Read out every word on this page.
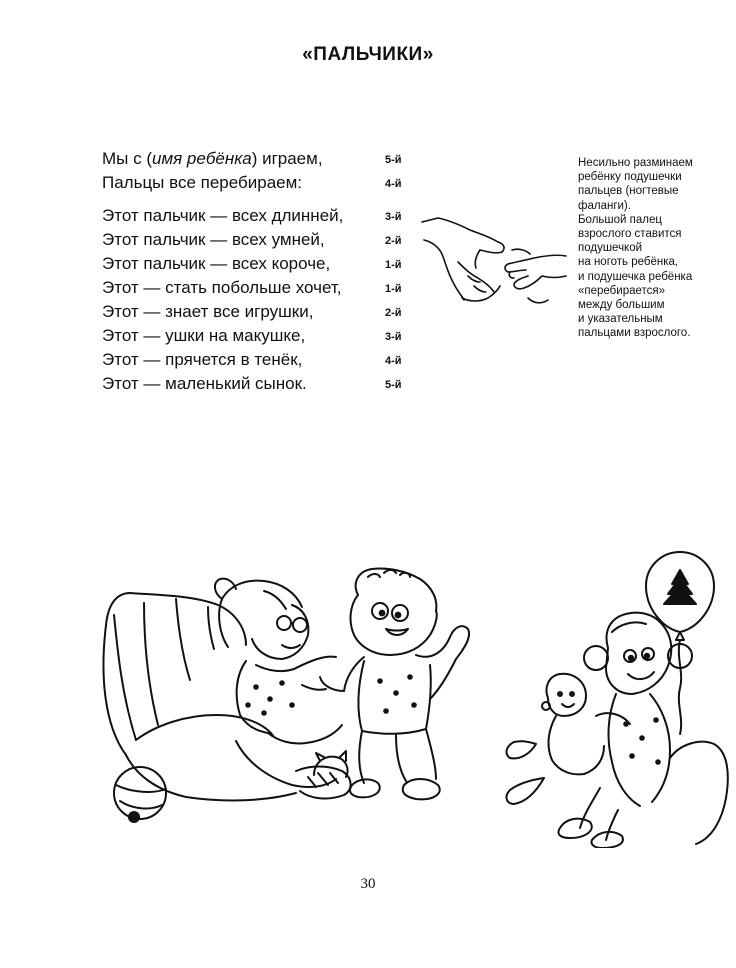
«ПАЛЬЧИКИ»
Мы с (имя ребёнка) играем,	5-й
Пальцы все перебираем:	4-й
Этот пальчик — всех длинней,	3-й
Этот пальчик — всех умней,	2-й
Этот пальчик — всех короче,	1-й
Этот — стать побольше хочет,	1-й
Этот — знает все игрушки,	2-й
Этот — ушки на макушке,	3-й
Этот — прячется в тенёк,	4-й
Этот — маленький сынок.	5-й
Несильно разминаем
ребёнку подушечки
пальцев (ногтевые
фаланги).
Большой палец
взрослого ставится
подушечкой
на ноготь ребёнка,
и подушечка ребёнка
«перебирается»
между большим
и указательным
пальцами взрослого.
30
